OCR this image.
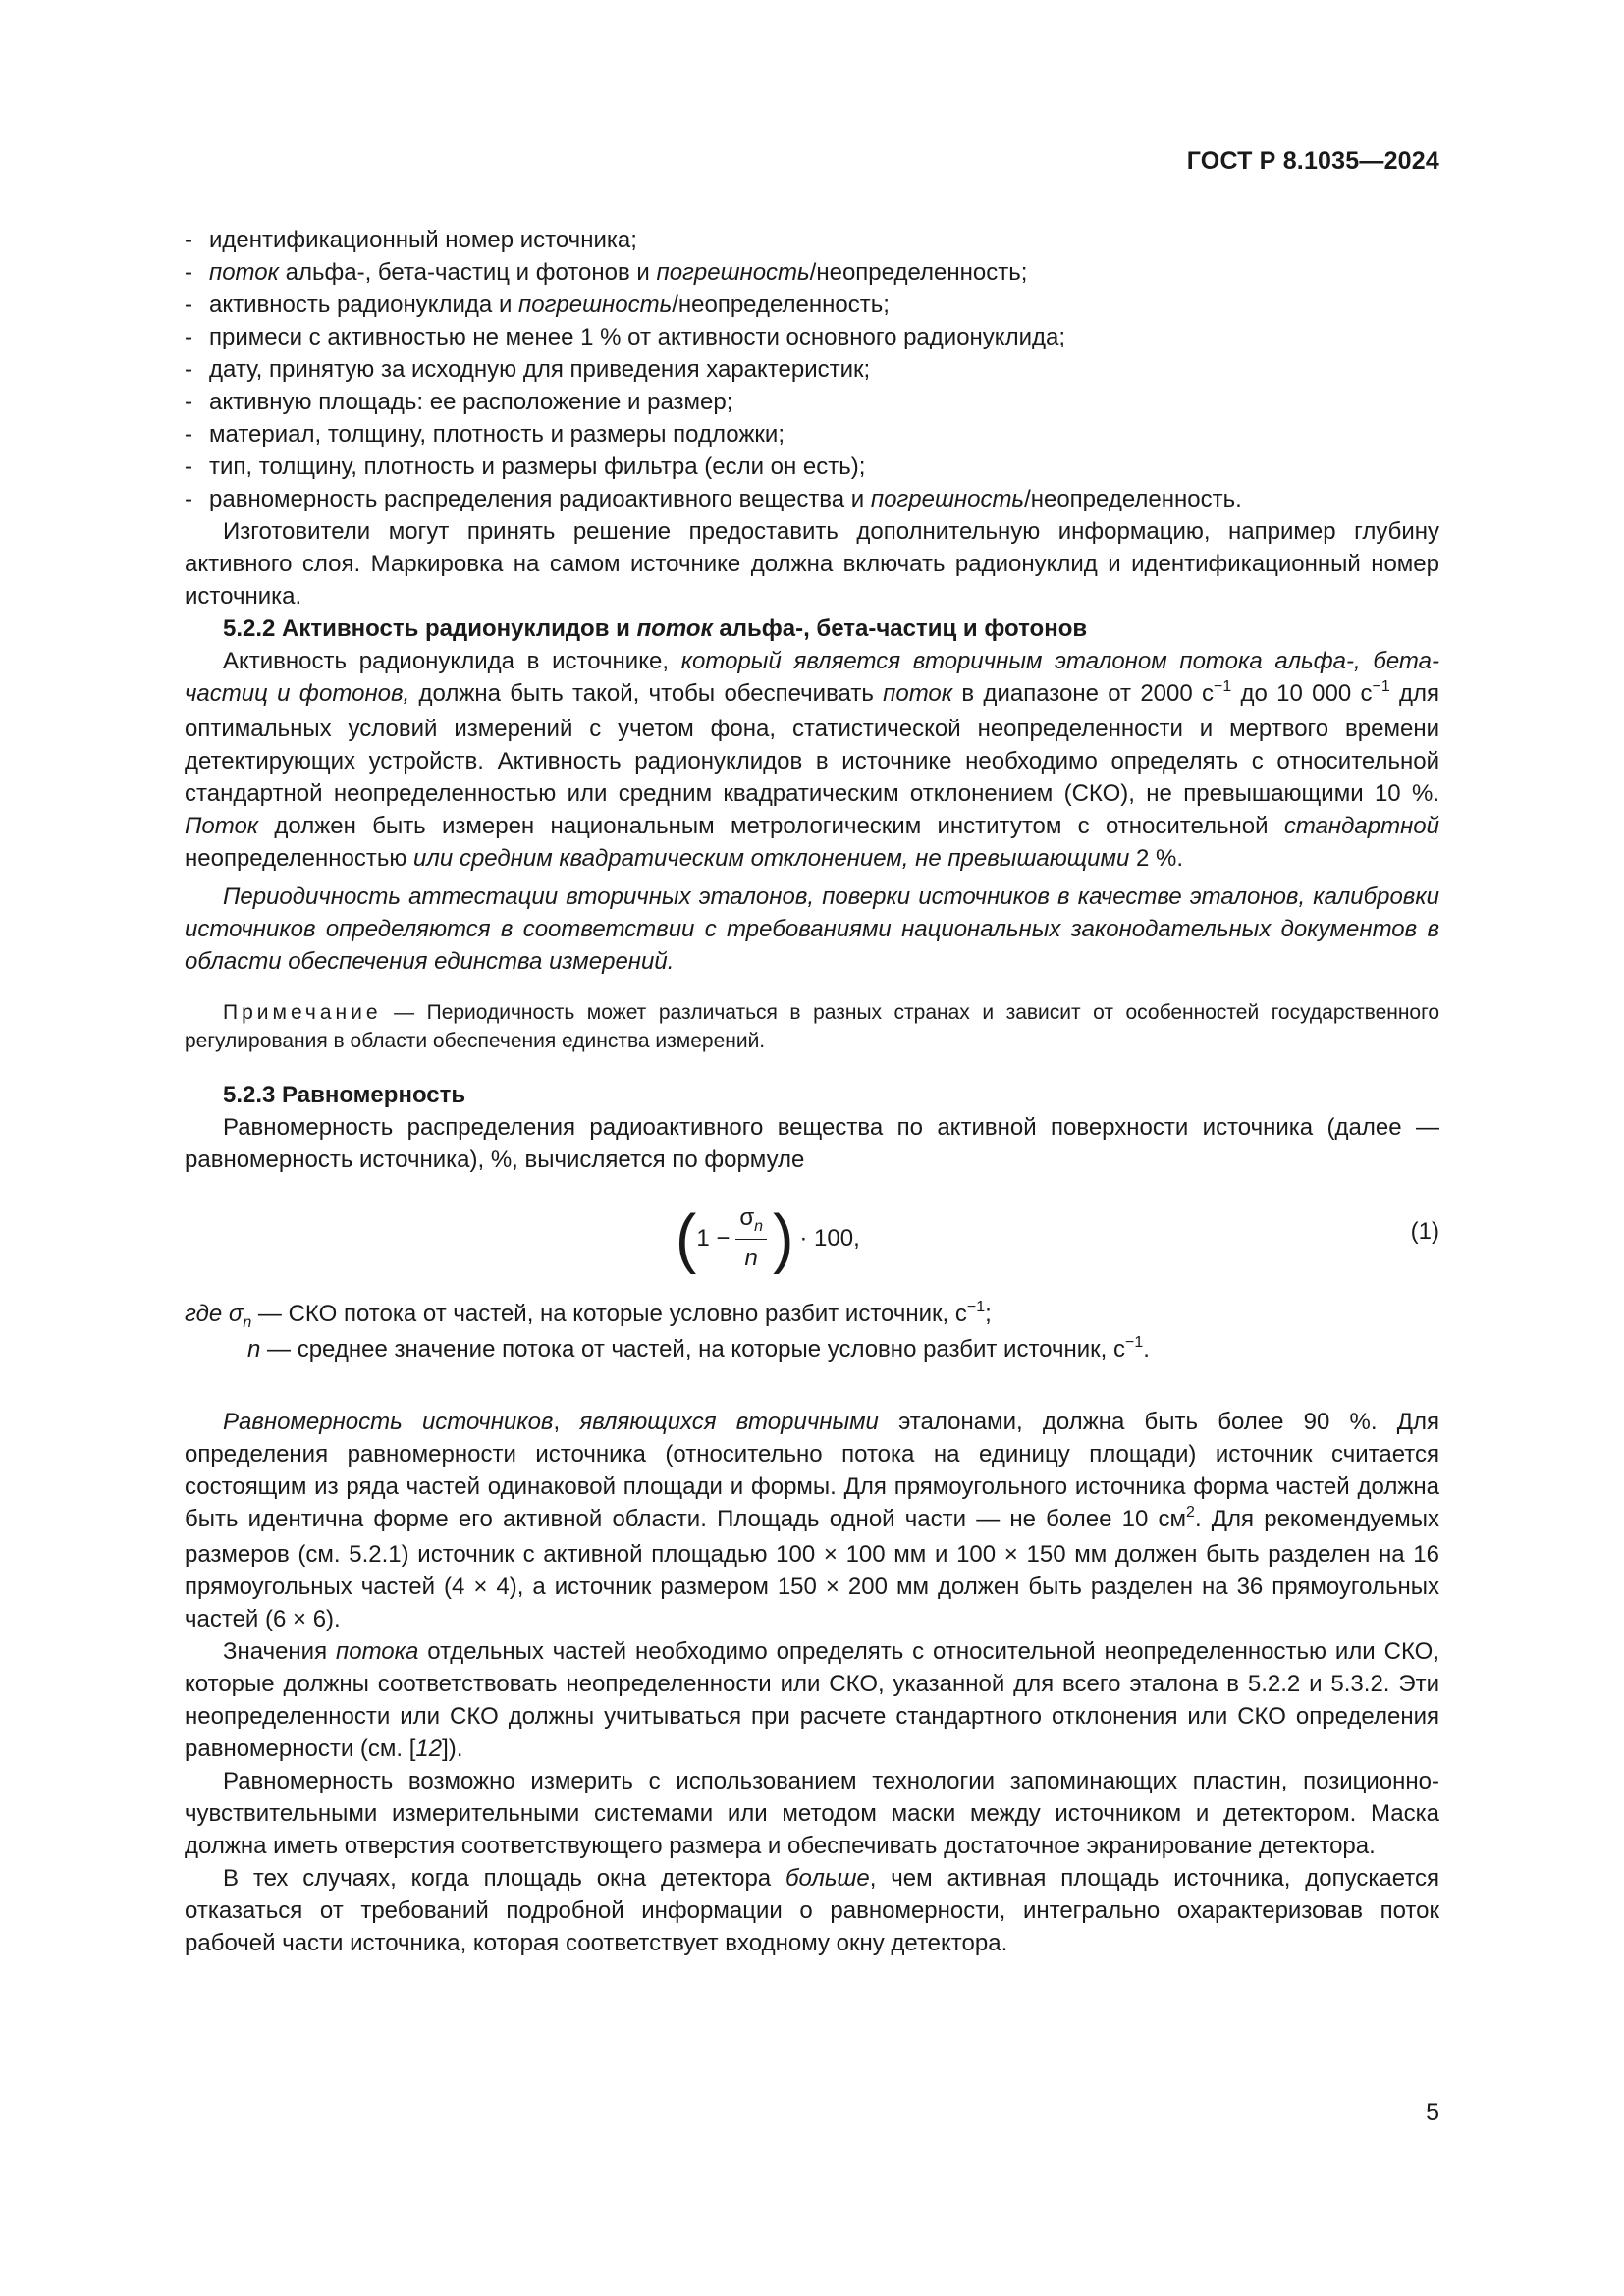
ГОСТ Р 8.1035—2024
- идентификационный номер источника;
- поток альфа-, бета-частиц и фотонов и погрешность/неопределенность;
- активность радионуклида и погрешность/неопределенность;
- примеси с активностью не менее 1 % от активности основного радионуклида;
- дату, принятую за исходную для приведения характеристик;
- активную площадь: ее расположение и размер;
- материал, толщину, плотность и размеры подложки;
- тип, толщину, плотность и размеры фильтра (если он есть);
- равномерность распределения радиоактивного вещества и погрешность/неопределенность.

Изготовители могут принять решение предоставить дополнительную информацию, например глубину активного слоя. Маркировка на самом источнике должна включать радионуклид и идентификационный номер источника.

5.2.2 Активность радионуклидов и поток альфа-, бета-частиц и фотонов

Активность радионуклида в источнике, который является вторичным эталоном потока альфа-, бета-частиц и фотонов, должна быть такой, чтобы обеспечивать поток в диапазоне от 2000 $с^{-1}$ до 10 000 $с^{-1}$ для оптимальных условий измерений с учетом фона, статистической неопределенности и мертвого времени детектирующих устройств. Активность радионуклидов в источнике необходимо определять с относительной стандартной неопределенностью или средним квадратическим отклонением (СКО), не превышающими 10 %. Поток должен быть измерен национальным метрологическим институтом с относительной стандартной неопределенностью или средним квадратическим отклонением, не превышающими 2 %.

Периодичность аттестации вторичных эталонов, поверки источников в качестве эталонов, калибровки источников определяются в соответствии с требованиями национальных законодательных документов в области обеспечения единства измерений.

Примечание — Периодичность может различаться в разных странах и зависит от особенностей государственного регулирования в области обеспечения единства измерений.

5.2.3 Равномерность

Равномерность распределения радиоактивного вещества по активной поверхности источника (далее — равномерность источника), %, вычисляется по формуле

( $1 - \frac{\sigma_n}{n}$ ) · 100,	(1)
где $\sigma_n$ — СКО потока от частей, на которые условно разбит источник, $с^{-1}$;
n — среднее значение потока от частей, на которые условно разбит источник, $с^{-1}$.

Равномерность источников, являющихся вторичными эталонами, должна быть более 90 %. Для определения равномерности источника (относительно потока на единицу площади) источник считается состоящим из ряда частей одинаковой площади и формы. Для прямоугольного источника форма частей должна быть идентична форме его активной области. Площадь одной части — не более 10 $см^2$. Для рекомендуемых размеров (см. 5.2.1) источник с активной площадью 100 × 100 мм и 100 × 150 мм должен быть разделен на 16 прямоугольных частей (4 × 4), а источник размером 150 × 200 мм должен быть разделен на 36 прямоугольных частей (6 × 6).

Значения потока отдельных частей необходимо определять с относительной неопределенностью или СКО, которые должны соответствовать неопределенности или СКО, указанной для всего эталона в 5.2.2 и 5.3.2. Эти неопределенности или СКО должны учитываться при расчете стандартного отклонения или СКО определения равномерности (см. [12]).

Равномерность возможно измерить с использованием технологии запоминающих пластин, позиционно-чувствительными измерительными системами или методом маски между источником и детектором. Маска должна иметь отверстия соответствующего размера и обеспечивать достаточное экранирование детектора.

В тех случаях, когда площадь окна детектора больше, чем активная площадь источника, допускается отказаться от требований подробной информации о равномерности, интегрально охарактеризовав поток рабочей части источника, которая соответствует входному окну детектора.

5
